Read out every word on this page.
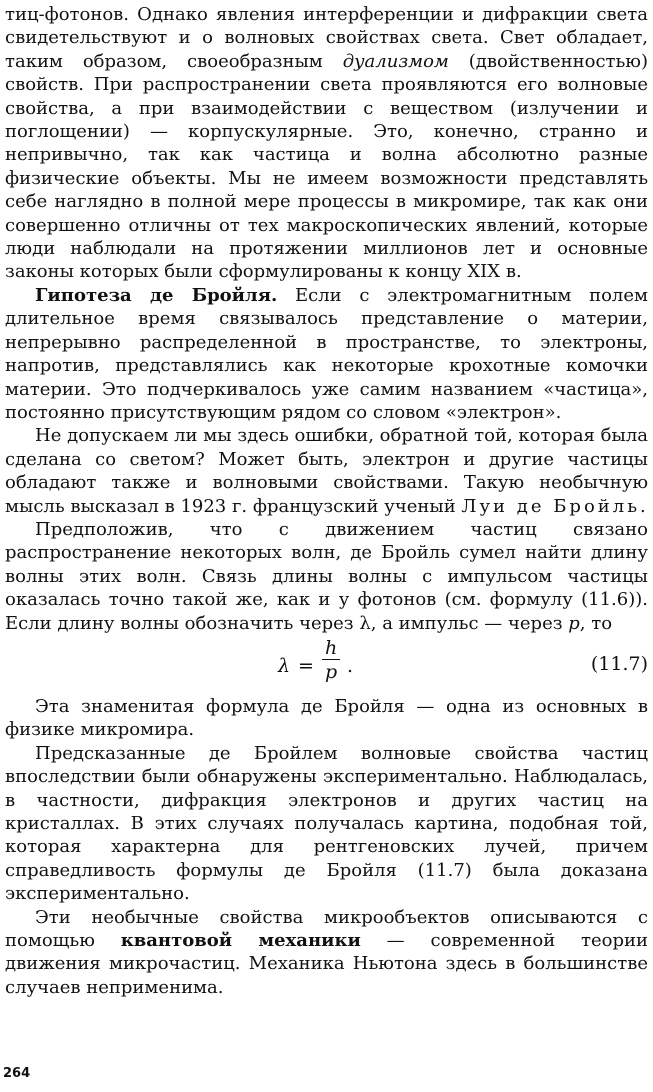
тиц-фотонов. Однако явления интерференции и дифракции света свидетельствуют и о волновых свойствах света. Свет обладает, таким образом, своеобразным дуализмом (двойственностью) свойств. При распространении света проявляются его волновые свойства, а при взаимодействии с веществом (излучении и поглощении) — корпускулярные. Это, конечно, странно и непривычно, так как частица и волна абсолютно разные физические объекты. Мы не имеем возможности представлять себе наглядно в полной мере процессы в микромире, так как они совершенно отличны от тех макроскопических явлений, которые люди наблюдали на протяжении миллионов лет и основные законы которых были сформулированы к концу XIX в.

Гипотеза де Бройля. Если с электромагнитным полем длительное время связывалось представление о материи, непрерывно распределенной в пространстве, то электроны, напротив, представлялись как некоторые крохотные комочки материи. Это подчеркивалось уже самим названием «частица», постоянно присутствующим рядом со словом «электрон».

Не допускаем ли мы здесь ошибки, обратной той, которая была сделана со светом? Может быть, электрон и другие частицы обладают также и волновыми свойствами. Такую необычную мысль высказал в 1923 г. французский ученый Луи де Бройль.

Предположив, что с движением частиц связано распространение некоторых волн, де Бройль сумел найти длину волны этих волн. Связь длины волны с импульсом частицы оказалась точно такой же, как и у фотонов (см. формулу (11.6)). Если длину волны обозначить через λ, а импульс — через p, то

$\lambda = \frac{h}{p}$ .	(11.7)

Эта знаменитая формула де Бройля — одна из основных в физике микромира.

Предсказанные де Бройлем волновые свойства частиц впоследствии были обнаружены экспериментально. Наблюдалась, в частности, дифракция электронов и других частиц на кристаллах. В этих случаях получалась картина, подобная той, которая характерна для рентгеновских лучей, причем справедливость формулы де Бройля (11.7) была доказана экспериментально.

Эти необычные свойства микрообъектов описываются с помощью квантовой механики — современной теории движения микрочастиц. Механика Ньютона здесь в большинстве случаев неприменима.

264
